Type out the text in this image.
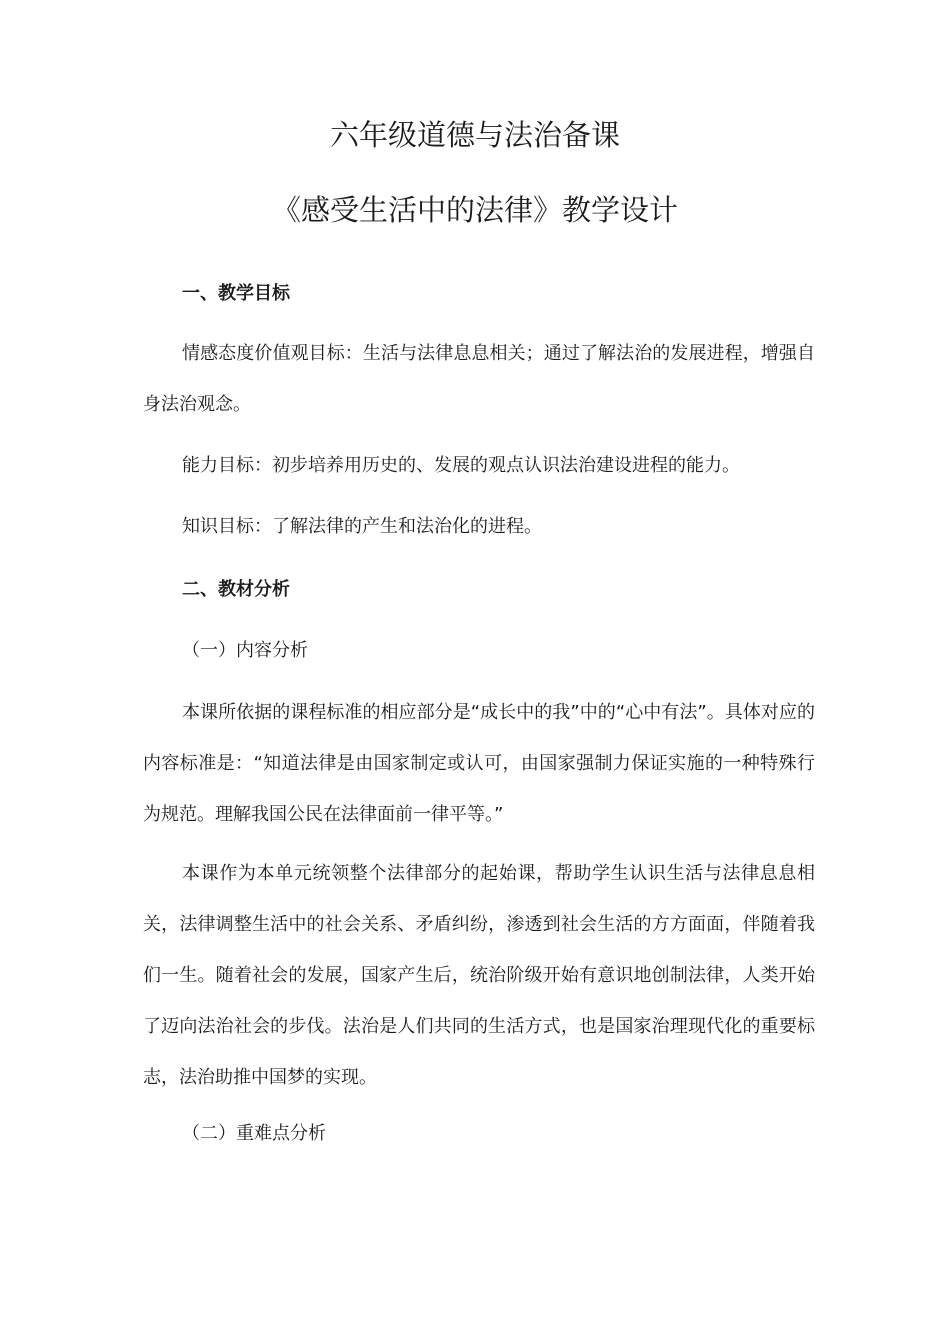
六年级道德与法治备课
《感受生活中的法律》教学设计
一、教学目标

情感态度价值观目标：生活与法律息息相关；通过了解法治的发展进程，增强自身法治观念。

能力目标：初步培养用历史的、发展的观点认识法治建设进程的能力。

知识目标：了解法律的产生和法治化的进程。

二、教材分析
（一）内容分析

本课所依据的课程标准的相应部分是“成长中的我”中的“心中有法”。具体对应的内容标准是：“知道法律是由国家制定或认可，由国家强制力保证实施的一种特殊行为规范。理解我国公民在法律面前一律平等。”

本课作为本单元统领整个法律部分的起始课，帮助学生认识生活与法律息息相关，法律调整生活中的社会关系、矛盾纠纷，渗透到社会生活的方方面面，伴随着我们一生。随着社会的发展，国家产生后，统治阶级开始有意识地创制法律，人类开始了迈向法治社会的步伐。法治是人们共同的生活方式，也是国家治理现代化的重要标志，法治助推中国梦的实现。

（二）重难点分析
